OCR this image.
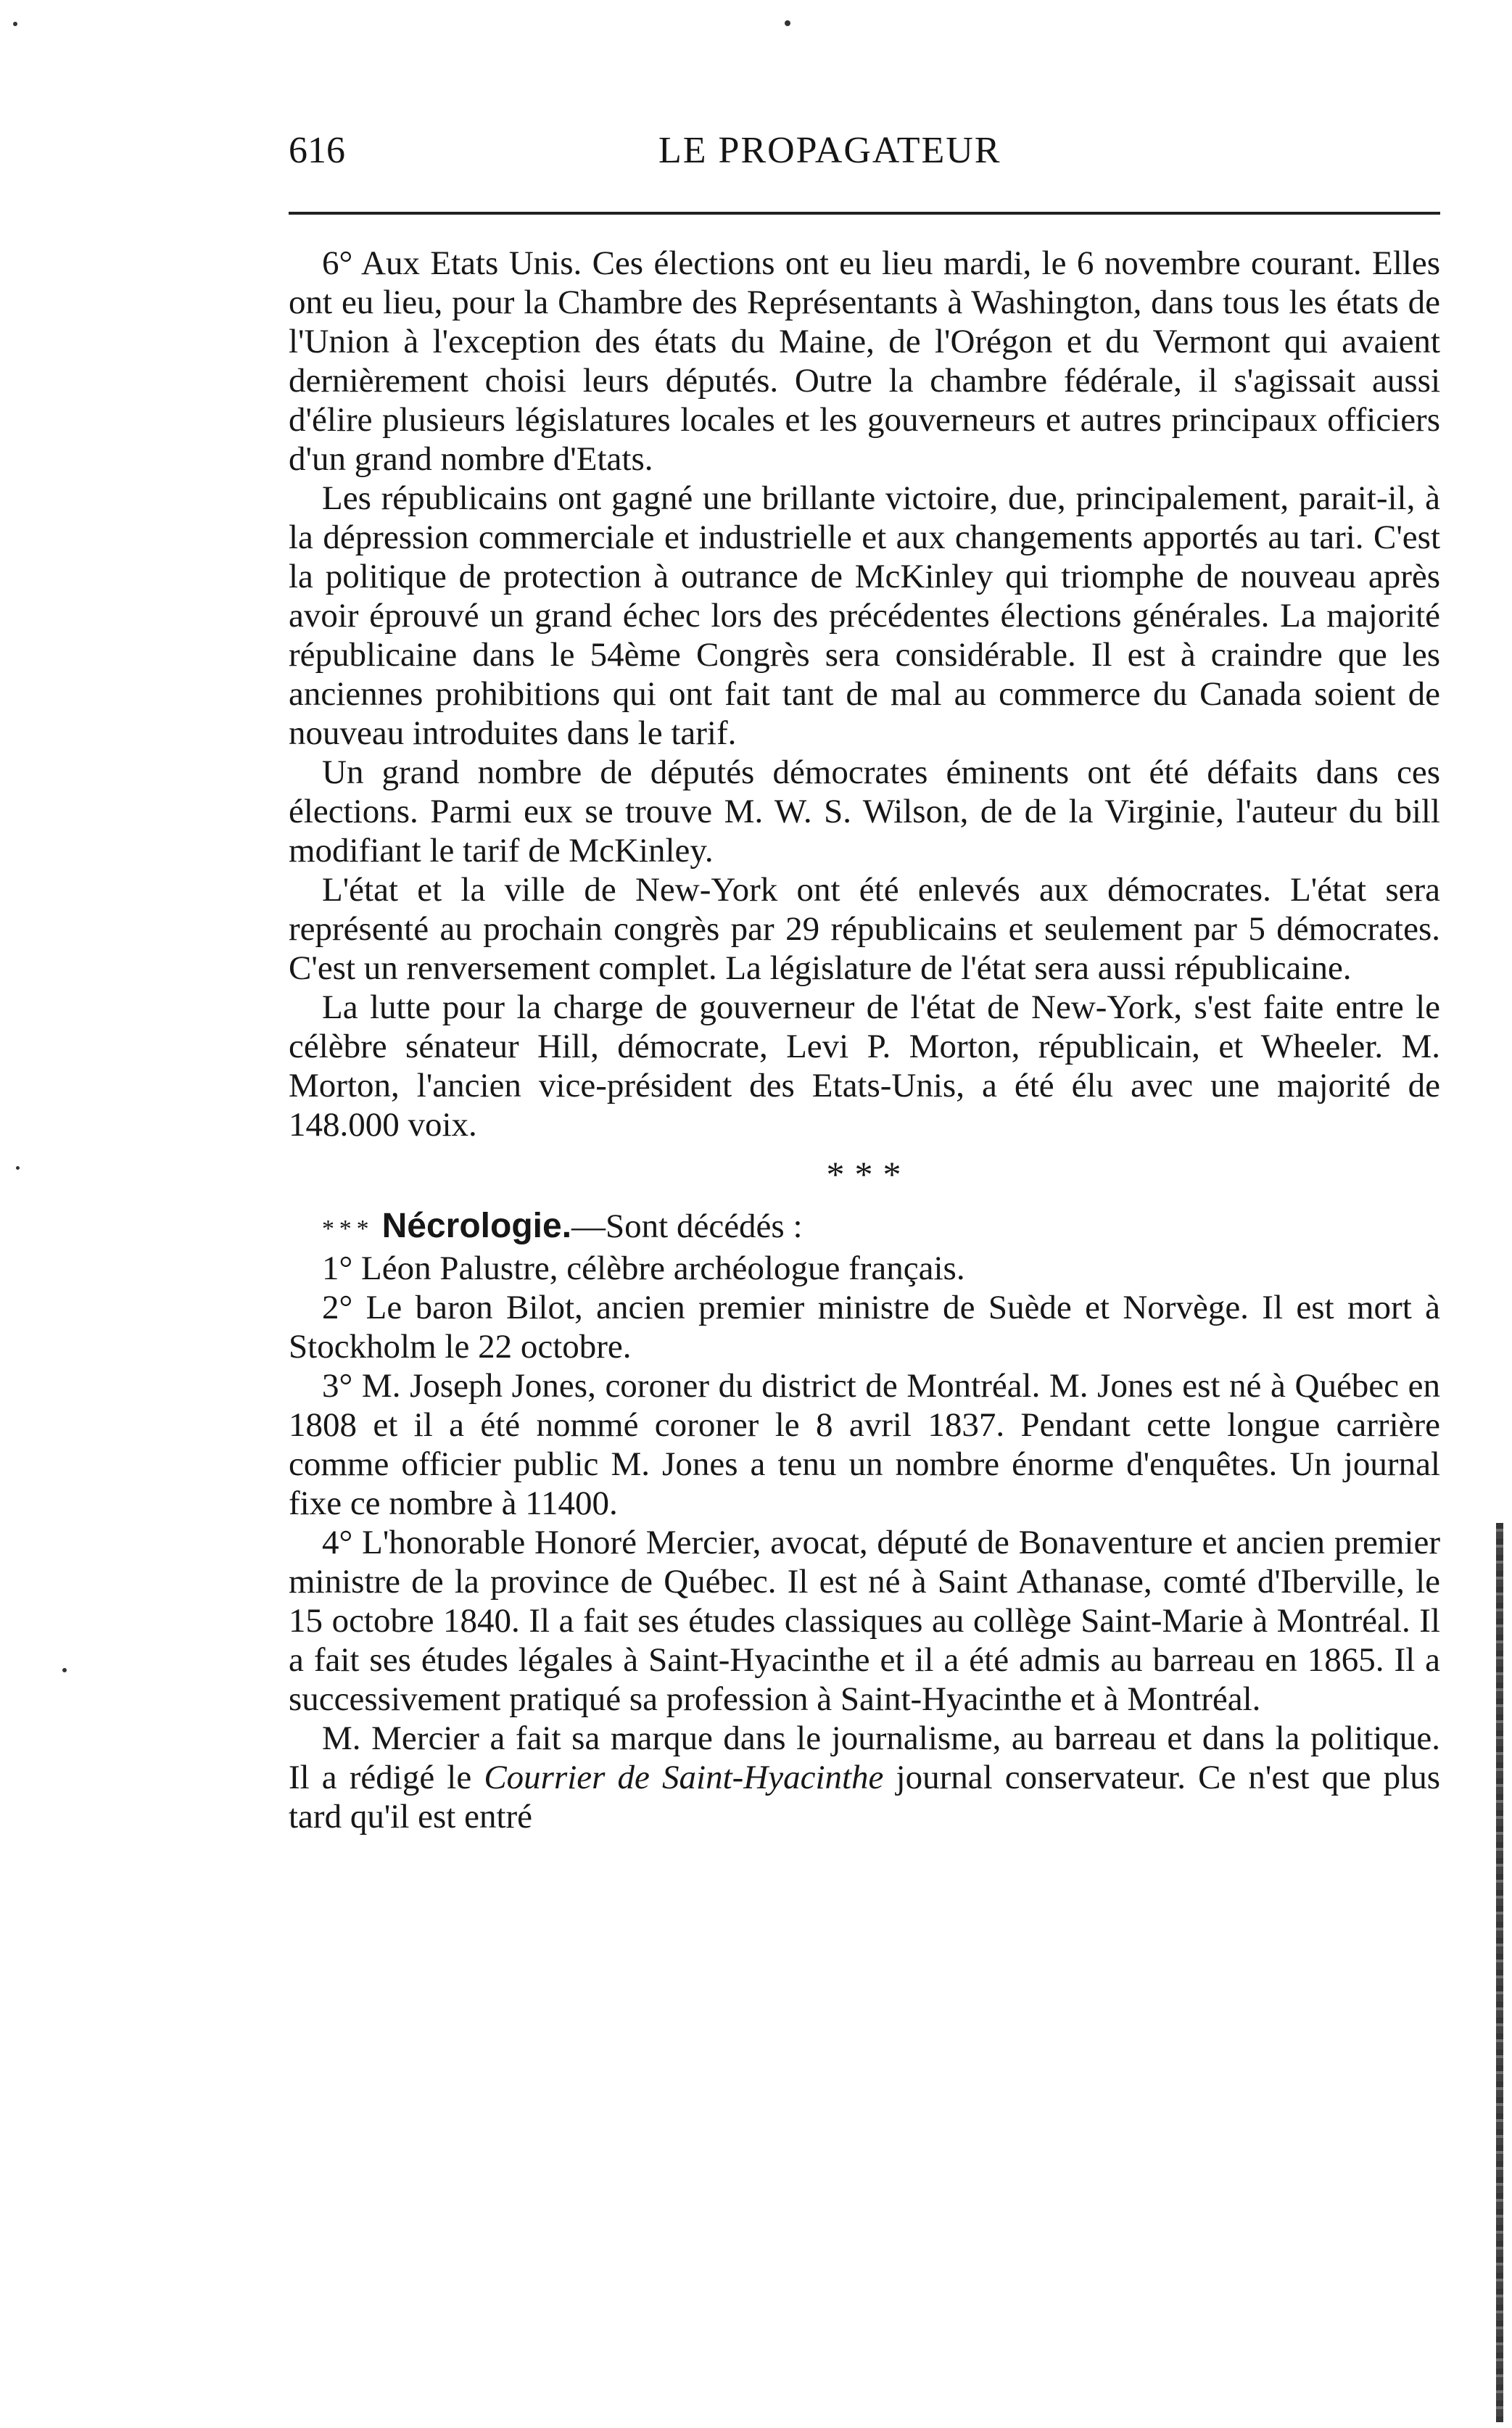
616	LE PROPAGATEUR

6° Aux Etats Unis. Ces élections ont eu lieu mardi, le 6 novembre courant. Elles ont eu lieu, pour la Chambre des Représentants à Washington, dans tous les états de l'Union à l'exception des états du Maine, de l'Orégon et du Vermont qui avaient dernièrement choisi leurs députés. Outre la chambre fédérale, il s'agissait aussi d'élire plusieurs législatures locales et les gouverneurs et autres principaux officiers d'un grand nombre d'Etats.

Les républicains ont gagné une brillante victoire, due, principalement, parait-il, à la dépression commerciale et industrielle et aux changements apportés au tari. C'est la politique de protection à outrance de McKinley qui triomphe de nouveau après avoir éprouvé un grand échec lors des précédentes élections générales. La majorité républicaine dans le 54ème Congrès sera considérable. Il est à craindre que les anciennes prohibitions qui ont fait tant de mal au commerce du Canada soient de nouveau introduites dans le tarif.

Un grand nombre de députés démocrates éminents ont été défaits dans ces élections. Parmi eux se trouve M. W. S. Wilson, de de la Virginie, l'auteur du bill modifiant le tarif de McKinley.

L'état et la ville de New-York ont été enlevés aux démocrates. L'état sera représenté au prochain congrès par 29 républicains et seulement par 5 démocrates. C'est un renversement complet. La législature de l'état sera aussi républicaine.

La lutte pour la charge de gouverneur de l'état de New-York, s'est faite entre le célèbre sénateur Hill, démocrate, Levi P. Morton, républicain, et Wheeler. M. Morton, l'ancien vice-président des Etats-Unis, a été élu avec une majorité de 148.000 voix.

* * *

* * * Nécrologie.—Sont décédés :

1° Léon Palustre, célèbre archéologue français.

2° Le baron Bilot, ancien premier ministre de Suède et Norvège. Il est mort à Stockholm le 22 octobre.

3° M. Joseph Jones, coroner du district de Montréal. M. Jones est né à Québec en 1808 et il a été nommé coroner le 8 avril 1837. Pendant cette longue carrière comme officier public M. Jones a tenu un nombre énorme d'enquêtes. Un journal fixe ce nombre à 11400.

4° L'honorable Honoré Mercier, avocat, député de Bonaventure et ancien premier ministre de la province de Québec. Il est né à Saint Athanase, comté d'Iberville, le 15 octobre 1840. Il a fait ses études classiques au collège Saint-Marie à Montréal. Il a fait ses études légales à Saint-Hyacinthe et il a été admis au barreau en 1865. Il a successivement pratiqué sa profession à Saint-Hyacinthe et à Montréal.

M. Mercier a fait sa marque dans le journalisme, au barreau et dans la politique. Il a rédigé le Courrier de Saint-Hyacinthe journal conservateur. Ce n'est que plus tard qu'il est entré
